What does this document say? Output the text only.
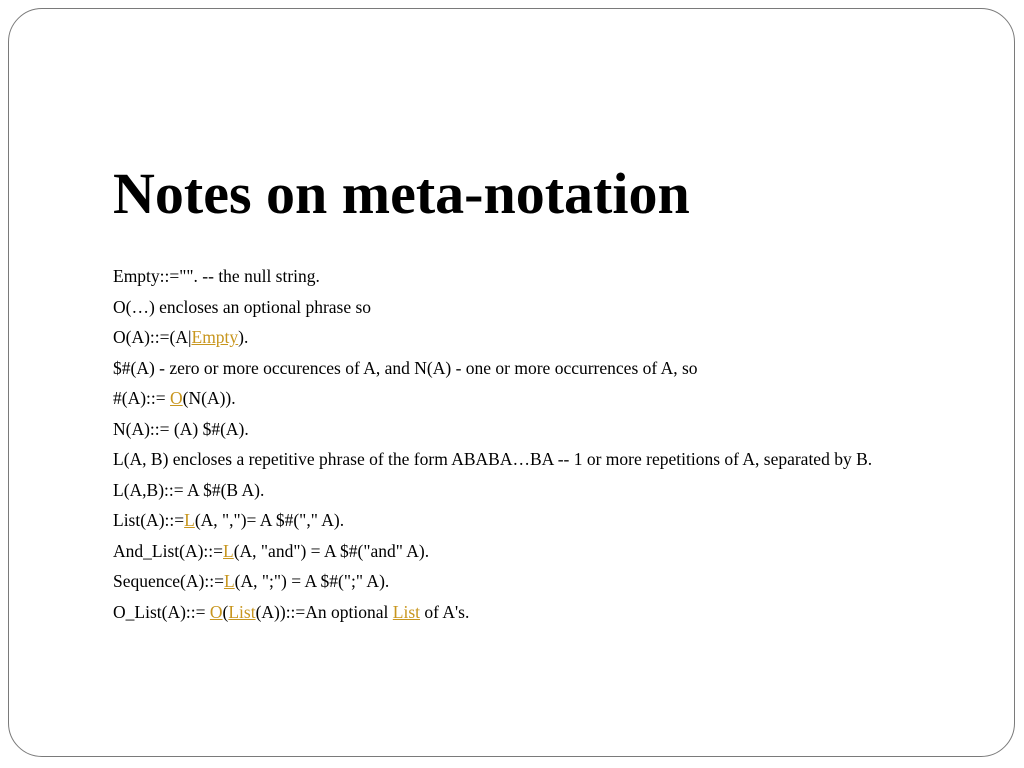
Notes on meta-notation

Empty::="". -- the null string.

O(…) encloses an optional phrase so

O(A)::=(A|Empty).

$#(A) - zero or more occurences of A, and N(A) - one or more occurrences of A, so

#(A)::= O(N(A)).

N(A)::= (A) $#(A).

L(A, B) encloses a repetitive phrase of the form ABABA…BA -- 1 or more repetitions of A, separated by B.

L(A,B)::= A $#(B A).

List(A)::=L(A, ",")= A $#("," A).

And_List(A)::=L(A, "and") = A $#("and" A).

Sequence(A)::=L(A, ";") = A $#(";" A).

O_List(A)::= O(List(A))::=An optional List of A's.
